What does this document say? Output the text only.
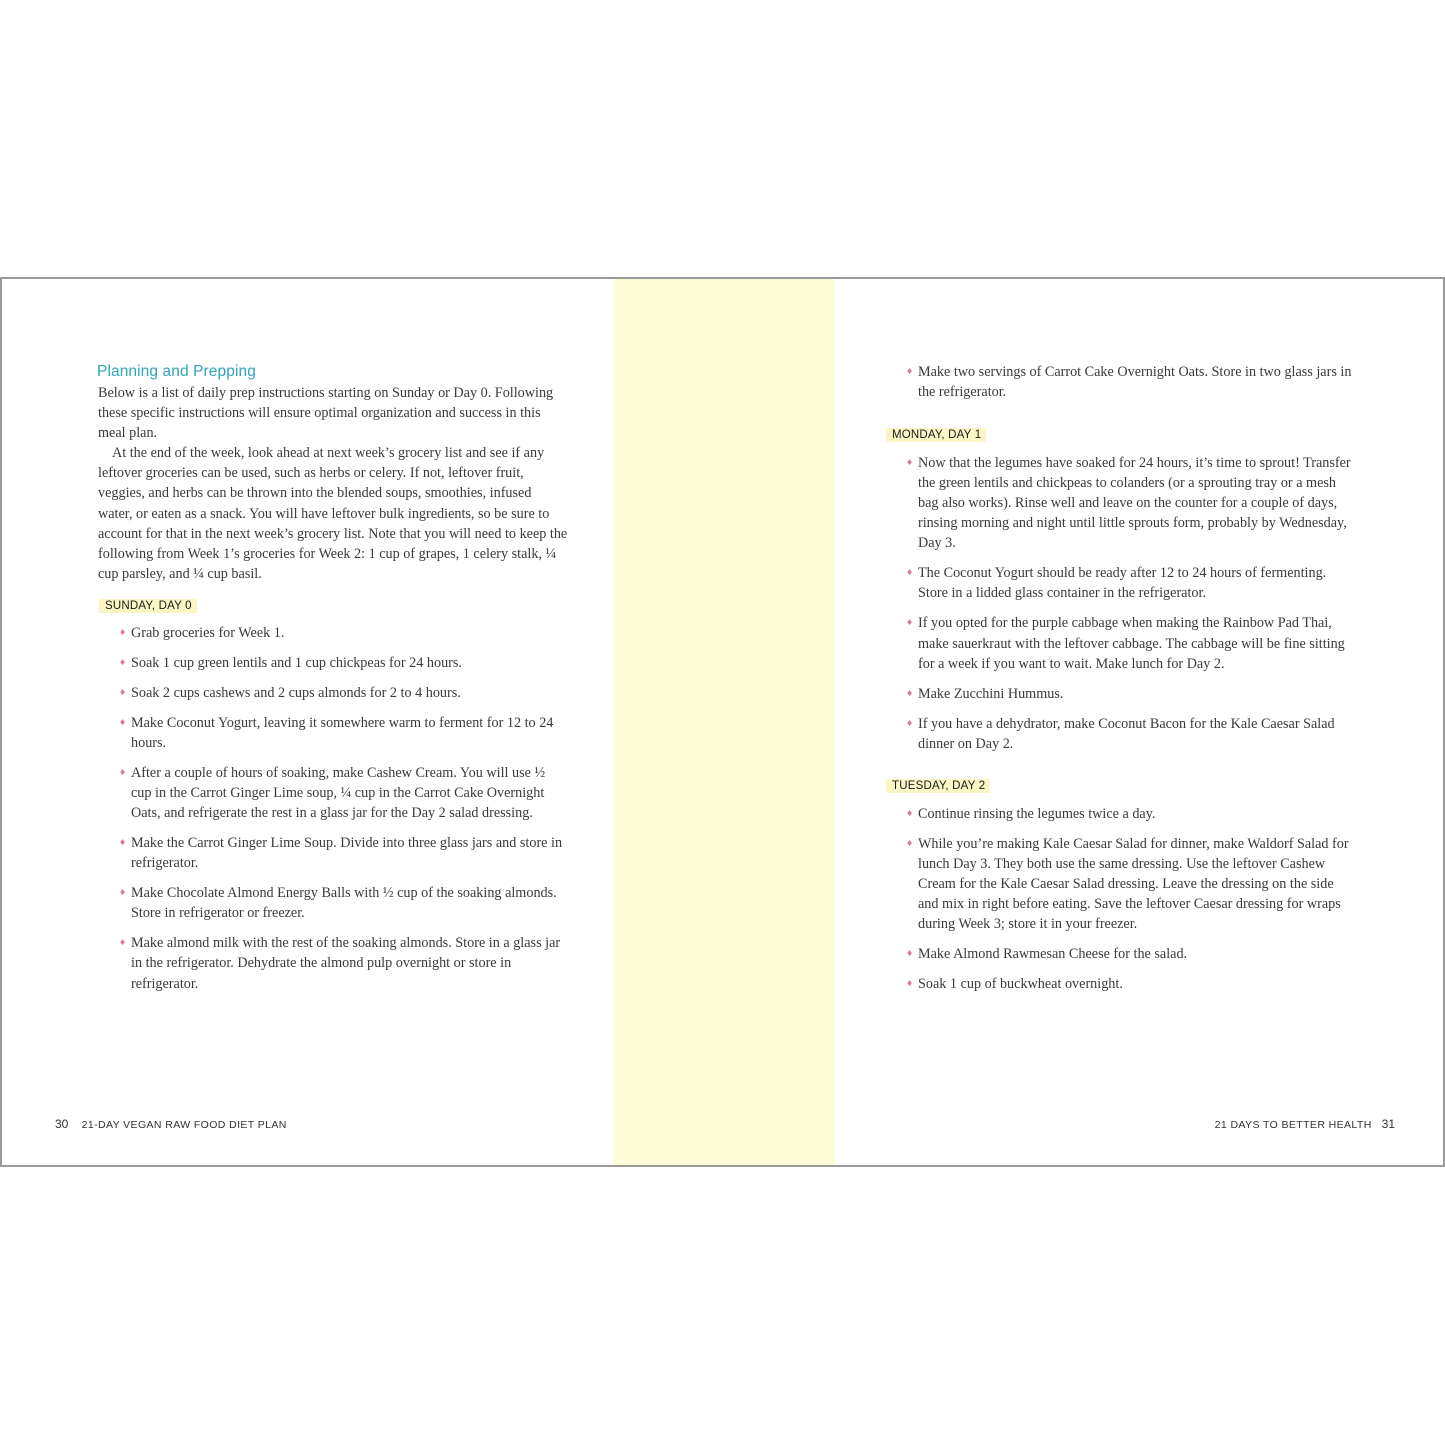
Planning and Prepping

Below is a list of daily prep instructions starting on Sunday or Day 0. Following these specific instructions will ensure optimal organization and success in this meal plan.

At the end of the week, look ahead at next week’s grocery list and see if any leftover groceries can be used, such as herbs or celery. If not, leftover fruit, veggies, and herbs can be thrown into the blended soups, smoothies, infused water, or eaten as a snack. You will have leftover bulk ingredients, so be sure to account for that in the next week’s grocery list. Note that you will need to keep the following from Week 1’s groceries for Week 2: 1 cup of grapes, 1 celery stalk, ¼ cup parsley, and ¼ cup basil.

SUNDAY, DAY 0
♦ Grab groceries for Week 1.
♦ Soak 1 cup green lentils and 1 cup chickpeas for 24 hours.
♦ Soak 2 cups cashews and 2 cups almonds for 2 to 4 hours.
♦ Make Coconut Yogurt, leaving it somewhere warm to ferment for 12 to 24 hours.
♦ After a couple of hours of soaking, make Cashew Cream. You will use ½ cup in the Carrot Ginger Lime soup, ¼ cup in the Carrot Cake Overnight Oats, and refrigerate the rest in a glass jar for the Day 2 salad dressing.
♦ Make the Carrot Ginger Lime Soup. Divide into three glass jars and store in refrigerator.
♦ Make Chocolate Almond Energy Balls with ½ cup of the soaking almonds. Store in refrigerator or freezer.
♦ Make almond milk with the rest of the soaking almonds. Store in a glass jar in the refrigerator. Dehydrate the almond pulp overnight or store in refrigerator.
30 21-DAY VEGAN RAW FOOD DIET PLAN
♦ Make two servings of Carrot Cake Overnight Oats. Store in two glass jars in the refrigerator.
MONDAY, DAY 1
♦ Now that the legumes have soaked for 24 hours, it’s time to sprout! Transfer the green lentils and chickpeas to colanders (or a sprouting tray or a mesh bag also works). Rinse well and leave on the counter for a couple of days, rinsing morning and night until little sprouts form, probably by Wednesday, Day 3.
♦ The Coconut Yogurt should be ready after 12 to 24 hours of fermenting. Store in a lidded glass container in the refrigerator.
♦ If you opted for the purple cabbage when making the Rainbow Pad Thai, make sauerkraut with the leftover cabbage. The cabbage will be fine sitting for a week if you want to wait. Make lunch for Day 2.
♦ Make Zucchini Hummus.
♦ If you have a dehydrator, make Coconut Bacon for the Kale Caesar Salad dinner on Day 2.
TUESDAY, DAY 2
♦ Continue rinsing the legumes twice a day.
♦ While you’re making Kale Caesar Salad for dinner, make Waldorf Salad for lunch Day 3. They both use the same dressing. Use the leftover Cashew Cream for the Kale Caesar Salad dressing. Leave the dressing on the side and mix in right before eating. Save the leftover Caesar dressing for wraps during Week 3; store it in your freezer.
♦ Make Almond Rawmesan Cheese for the salad.
♦ Soak 1 cup of buckwheat overnight.
21 DAYS TO BETTER HEALTH 31
